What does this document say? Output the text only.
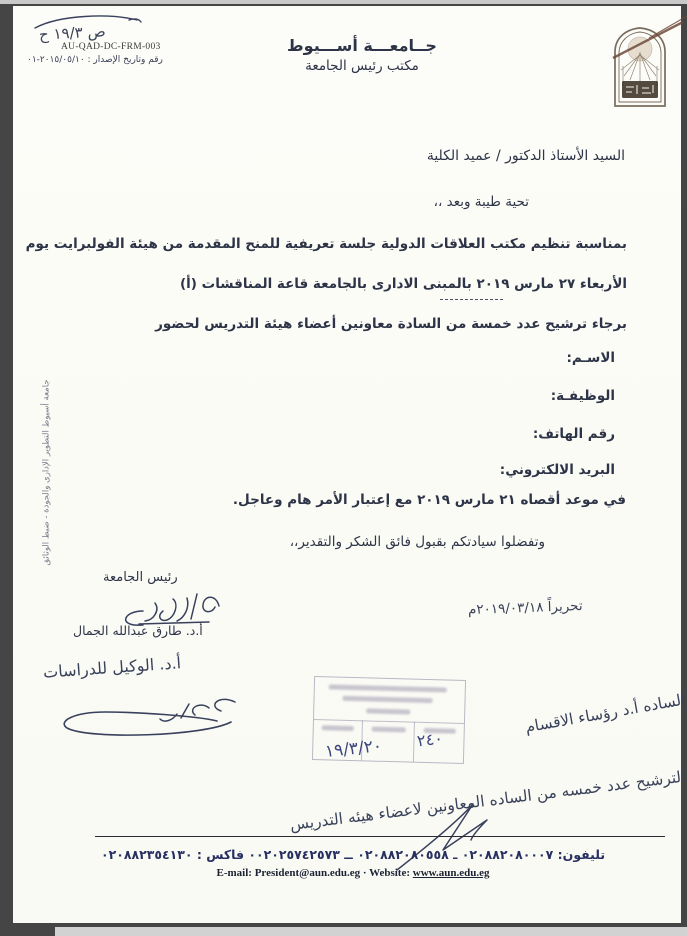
ص ١٩/٣ ح
AU-QAD-DC-FRM-003
رقم وتاريخ الإصدار : ٢٠١٥/٠٥/١٠-٠١
جــامعـــة أســـيوط
مكتب رئيس الجامعة
السيد الأستاذ الدكتور / عميد الكلية
تحية طيبة وبعد ،،
بمناسبة تنظيم مكتب العلاقات الدولية جلسة تعريفية للمنح المقدمة من هيئة الفولبرايت يوم
الأربعاء ٢٧ مارس ٢٠١٩ بالمبنى الادارى بالجامعة قاعة المناقشات (أ)
برجاء ترشيح عدد خمسة من السادة معاونين أعضاء هيئة التدريس لحضور
الاسـم:
الوظيفـة:
رقم الهاتف:
البريد الالكتروني:
في موعد أقصاه ٢١ مارس ٢٠١٩ مع إعتبار الأمر هام وعاجل.
وتفضلوا سيادتكم بقبول فائق الشكر والتقدير،،
رئيس الجامعة
أ.د. طارق عبدالله الجمال
تحريراً ٢٠١٩/٠٣/١٨م
أ.د. الوكيل للدراسات
٢٤٠
١٩/٣/٢٠
الساده أ.د رؤساء الاقسام
لترشيح عدد خمسه من الساده المعاونين لاعضاء هيئه التدريس
تليفون: ٠٢٠٨٨٢٠٨٠٠٠٧ ـ ٠٢٠٨٨٢٠٨٠٥٥٨ ــ ٠٠٢٠٢٥٧٤٢٥٧٣ فاكس : ٠٢٠٨٨٢٣٥٤١٣٠
E-mail: President@aun.edu.eg · Website: www.aun.edu.eg
جامعة أسيوط التطوير الإدارى والجودة - ضبط الوثائق
